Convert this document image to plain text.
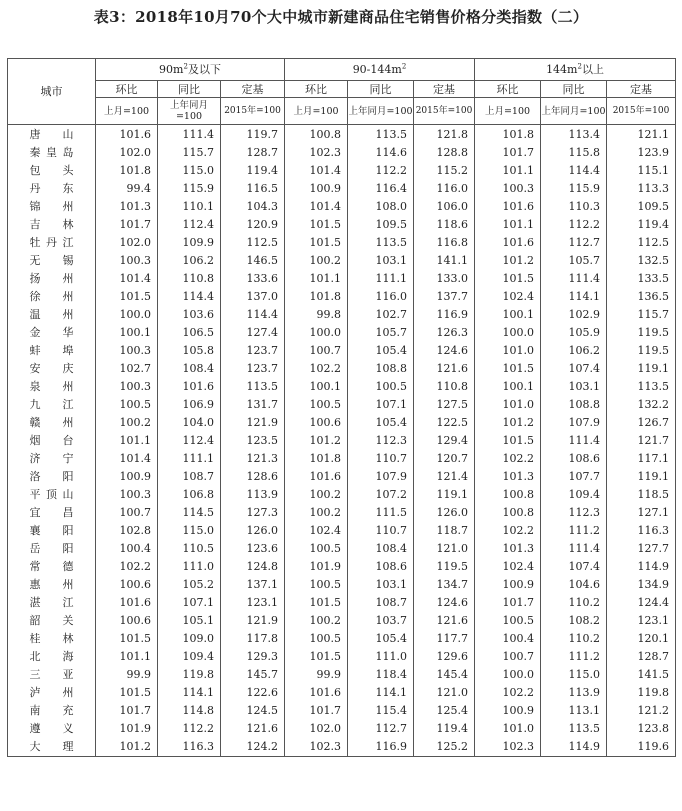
表3：2018年10月70个大中城市新建商品住宅销售价格分类指数（二）
城市	$90m^2$及以下			$90-144m^2$			$144m^2$以上		
	环比	同比	定基	环比	同比	定基	环比	同比	定基
	上月=100	上年同月=100	2015年=100	上月=100	上年同月=100	2015年=100	上月=100	上年同月=100	2015年=100
唐山	101.6	111.4	119.7	100.8	113.5	121.8	101.8	113.4	121.1
秦皇岛	102.0	115.7	128.7	102.3	114.6	128.8	101.7	115.8	123.9
包头	101.8	115.0	119.4	101.4	112.2	115.2	101.1	114.4	115.1
丹东	99.4	115.9	116.5	100.9	116.4	116.0	100.3	115.9	113.3
锦州	101.3	110.1	104.3	101.4	108.0	106.0	101.6	110.3	109.5
吉林	101.7	112.4	120.9	101.5	109.5	118.6	101.1	112.2	119.4
牡丹江	102.0	109.9	112.5	101.5	113.5	116.8	101.6	112.7	112.5
无锡	100.3	106.2	146.5	100.2	103.1	141.1	101.2	105.7	132.5
扬州	101.4	110.8	133.6	101.1	111.1	133.0	101.5	111.4	133.5
徐州	101.5	114.4	137.0	101.8	116.0	137.7	102.4	114.1	136.5
温州	100.0	103.6	114.4	99.8	102.7	116.9	100.1	102.9	115.7
金华	100.1	106.5	127.4	100.0	105.7	126.3	100.0	105.9	119.5
蚌埠	100.3	105.8	123.7	100.7	105.4	124.6	101.0	106.2	119.5
安庆	102.7	108.4	123.7	102.2	108.8	121.6	101.5	107.4	119.1
泉州	100.3	101.6	113.5	100.1	100.5	110.8	100.1	103.1	113.5
九江	100.5	106.9	131.7	100.5	107.1	127.5	101.0	108.8	132.2
赣州	100.2	104.0	121.9	100.6	105.4	122.5	101.2	107.9	126.7
烟台	101.1	112.4	123.5	101.2	112.3	129.4	101.5	111.4	121.7
济宁	101.4	111.1	121.3	101.8	110.7	120.7	102.2	108.6	117.1
洛阳	100.9	108.7	128.6	101.6	107.9	121.4	101.3	107.7	119.1
平顶山	100.3	106.8	113.9	100.2	107.2	119.1	100.8	109.4	118.5
宜昌	100.7	114.5	127.3	100.2	111.5	126.0	100.8	112.3	127.1
襄阳	102.8	115.0	126.0	102.4	110.7	118.7	102.2	111.2	116.3
岳阳	100.4	110.5	123.6	100.5	108.4	121.0	101.3	111.4	127.7
常德	102.2	111.0	124.8	101.9	108.6	119.5	102.4	107.4	114.9
惠州	100.6	105.2	137.1	100.5	103.1	134.7	100.9	104.6	134.9
湛江	101.6	107.1	123.1	101.5	108.7	124.6	101.7	110.2	124.4
韶关	100.6	105.1	121.9	100.2	103.7	121.6	100.5	108.2	123.1
桂林	101.5	109.0	117.8	100.5	105.4	117.7	100.4	110.2	120.1
北海	101.1	109.4	129.3	101.5	111.0	129.6	100.7	111.2	128.7
三亚	99.9	119.8	145.7	99.9	118.4	145.4	100.0	115.0	141.5
泸州	101.5	114.1	122.6	101.6	114.1	121.0	102.2	113.9	119.8
南充	101.7	114.8	124.5	101.7	115.4	125.4	100.9	113.1	121.2
遵义	101.9	112.2	121.6	102.0	112.7	119.4	101.0	113.5	123.8
大理	101.2	116.3	124.2	102.3	116.9	125.2	102.3	114.9	119.6
